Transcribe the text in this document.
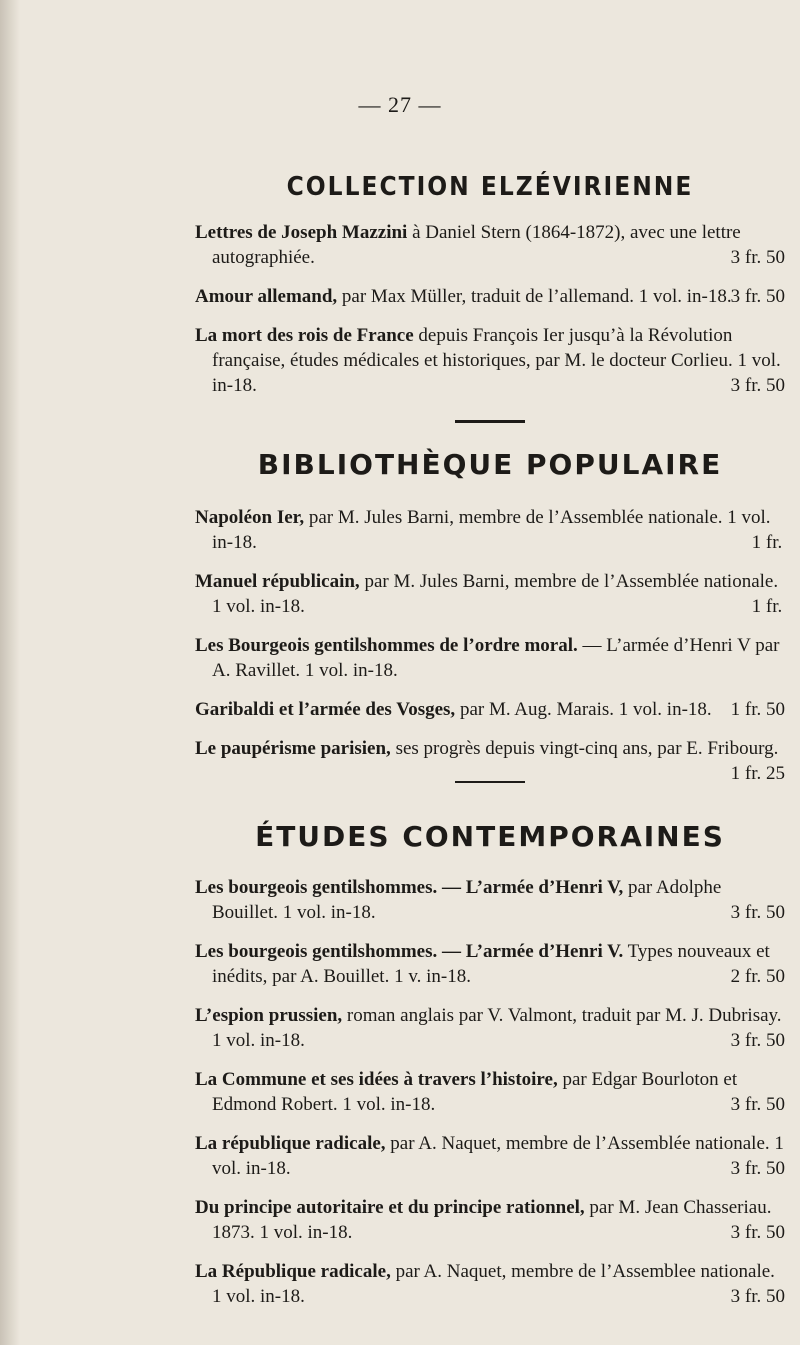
— 27 —
COLLECTION ELZÉVIRIENNE

Lettres de Joseph Mazzini à Daniel Stern (1864-1872), avec une lettre autographiée.	3 fr. 50

Amour allemand, par Max Müller, traduit de l’allemand. 1 vol. in-18. 3 fr. 50

La mort des rois de France depuis François Ier jusqu’à la Révolution française, études médicales et historiques, par M. le docteur Corlieu. 1 vol. in-18.	3 fr. 50

BIBLIOTHÈQUE POPULAIRE

Napoléon Ier, par M. Jules Barni, membre de l’Assemblée nationale. 1 vol. in-18.	1 fr.

Manuel républicain, par M. Jules Barni, membre de l’Assemblée nationale. 1 vol. in-18.	1 fr.

Les Bourgeois gentilshommes de l’ordre moral. — L’armée d’Henri V par A. Ravillet. 1 vol. in-18.

Garibaldi et l’armée des Vosges, par M. Aug. Marais. 1 vol. in-18. 1 fr. 50

Le paupérisme parisien, ses progrès depuis vingt-cinq ans, par E. Fribourg.
1 fr. 25

ÉTUDES CONTEMPORAINES

Les bourgeois gentilshommes. — L’armée d’Henri V, par Adolphe Bouillet. 1 vol. in-18.	3 fr. 50

Les bourgeois gentilshommes. — L’armée d’Henri V. Types nouveaux et inédits, par A. Bouillet. 1 v. in-18.	2 fr. 50

L’espion prussien, roman anglais par V. Valmont, traduit par M. J. Dubrisay. 1 vol. in-18.	3 fr. 50

La Commune et ses idées à travers l’histoire, par Edgar Bourloton et Edmond Robert. 1 vol. in-18.	3 fr. 50

La république radicale, par A. Naquet, membre de l’Assemblée nationale. 1 vol. in-18.	3 fr. 50

Du principe autoritaire et du principe rationnel, par M. Jean Chasseriau. 1873. 1 vol. in-18.	3 fr. 50

La République radicale, par A. Naquet, membre de l’Assemblee nationale. 1 vol. in-18.	3 fr. 50
